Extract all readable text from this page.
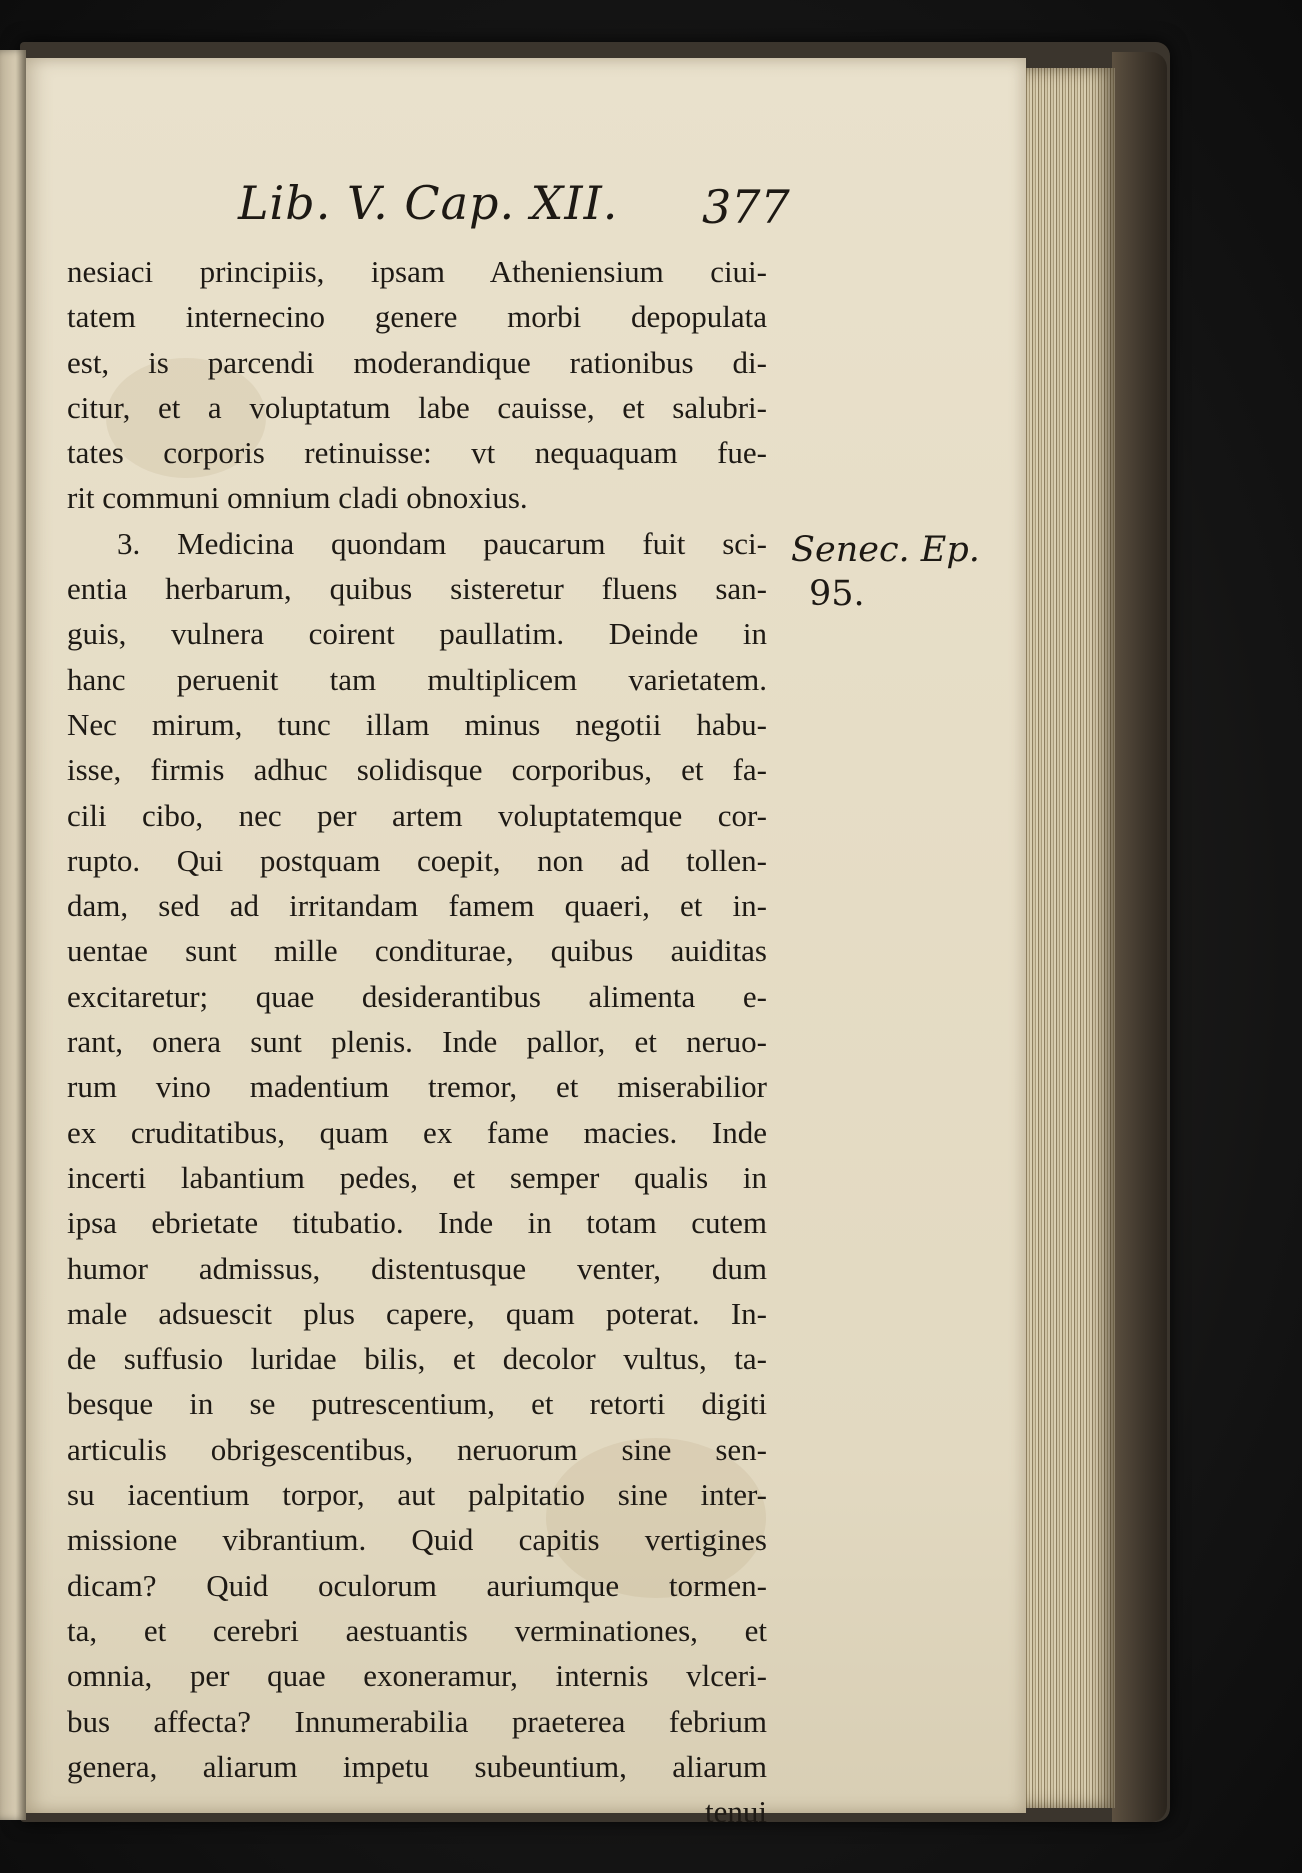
Lib. V. Cap. XII. 377
nesiaci principiis, ipsam Atheniensium ciui-
tatem internecino genere morbi depopulata
est, is parcendi moderandique rationibus di-
citur, et a voluptatum labe cauisse, et salubri-
tates corporis retinuisse: vt nequaquam fue-
rit communi omnium cladi obnoxius.
3. Medicina quondam paucarum fuit sci-
entia herbarum, quibus sisteretur fluens san-
guis, vulnera coirent paullatim. Deinde in
hanc peruenit tam multiplicem varietatem.
Nec mirum, tunc illam minus negotii habu-
isse, firmis adhuc solidisque corporibus, et fa-
cili cibo, nec per artem voluptatemque cor-
rupto. Qui postquam coepit, non ad tollen-
dam, sed ad irritandam famem quaeri, et in-
uentae sunt mille conditurae, quibus auiditas
excitaretur; quae desiderantibus alimenta e-
rant, onera sunt plenis. Inde pallor, et neruo-
rum vino madentium tremor, et miserabilior
ex cruditatibus, quam ex fame macies. Inde
incerti labantium pedes, et semper qualis in
ipsa ebrietate titubatio. Inde in totam cutem
humor admissus, distentusque venter, dum
male adsuescit plus capere, quam poterat. In-
de suffusio luridae bilis, et decolor vultus, ta-
besque in se putrescentium, et retorti digiti
articulis obrigescentibus, neruorum sine sen-
su iacentium torpor, aut palpitatio sine inter-
missione vibrantium. Quid capitis vertigines
dicam? Quid oculorum auriumque tormen-
ta, et cerebri aestuantis verminationes, et
omnia, per quae exoneramur, internis vlceri-
bus affecta? Innumerabilia praeterea febrium
genera, aliarum impetu subeuntium, aliarum
tenui
Senec. Ep.
95.
